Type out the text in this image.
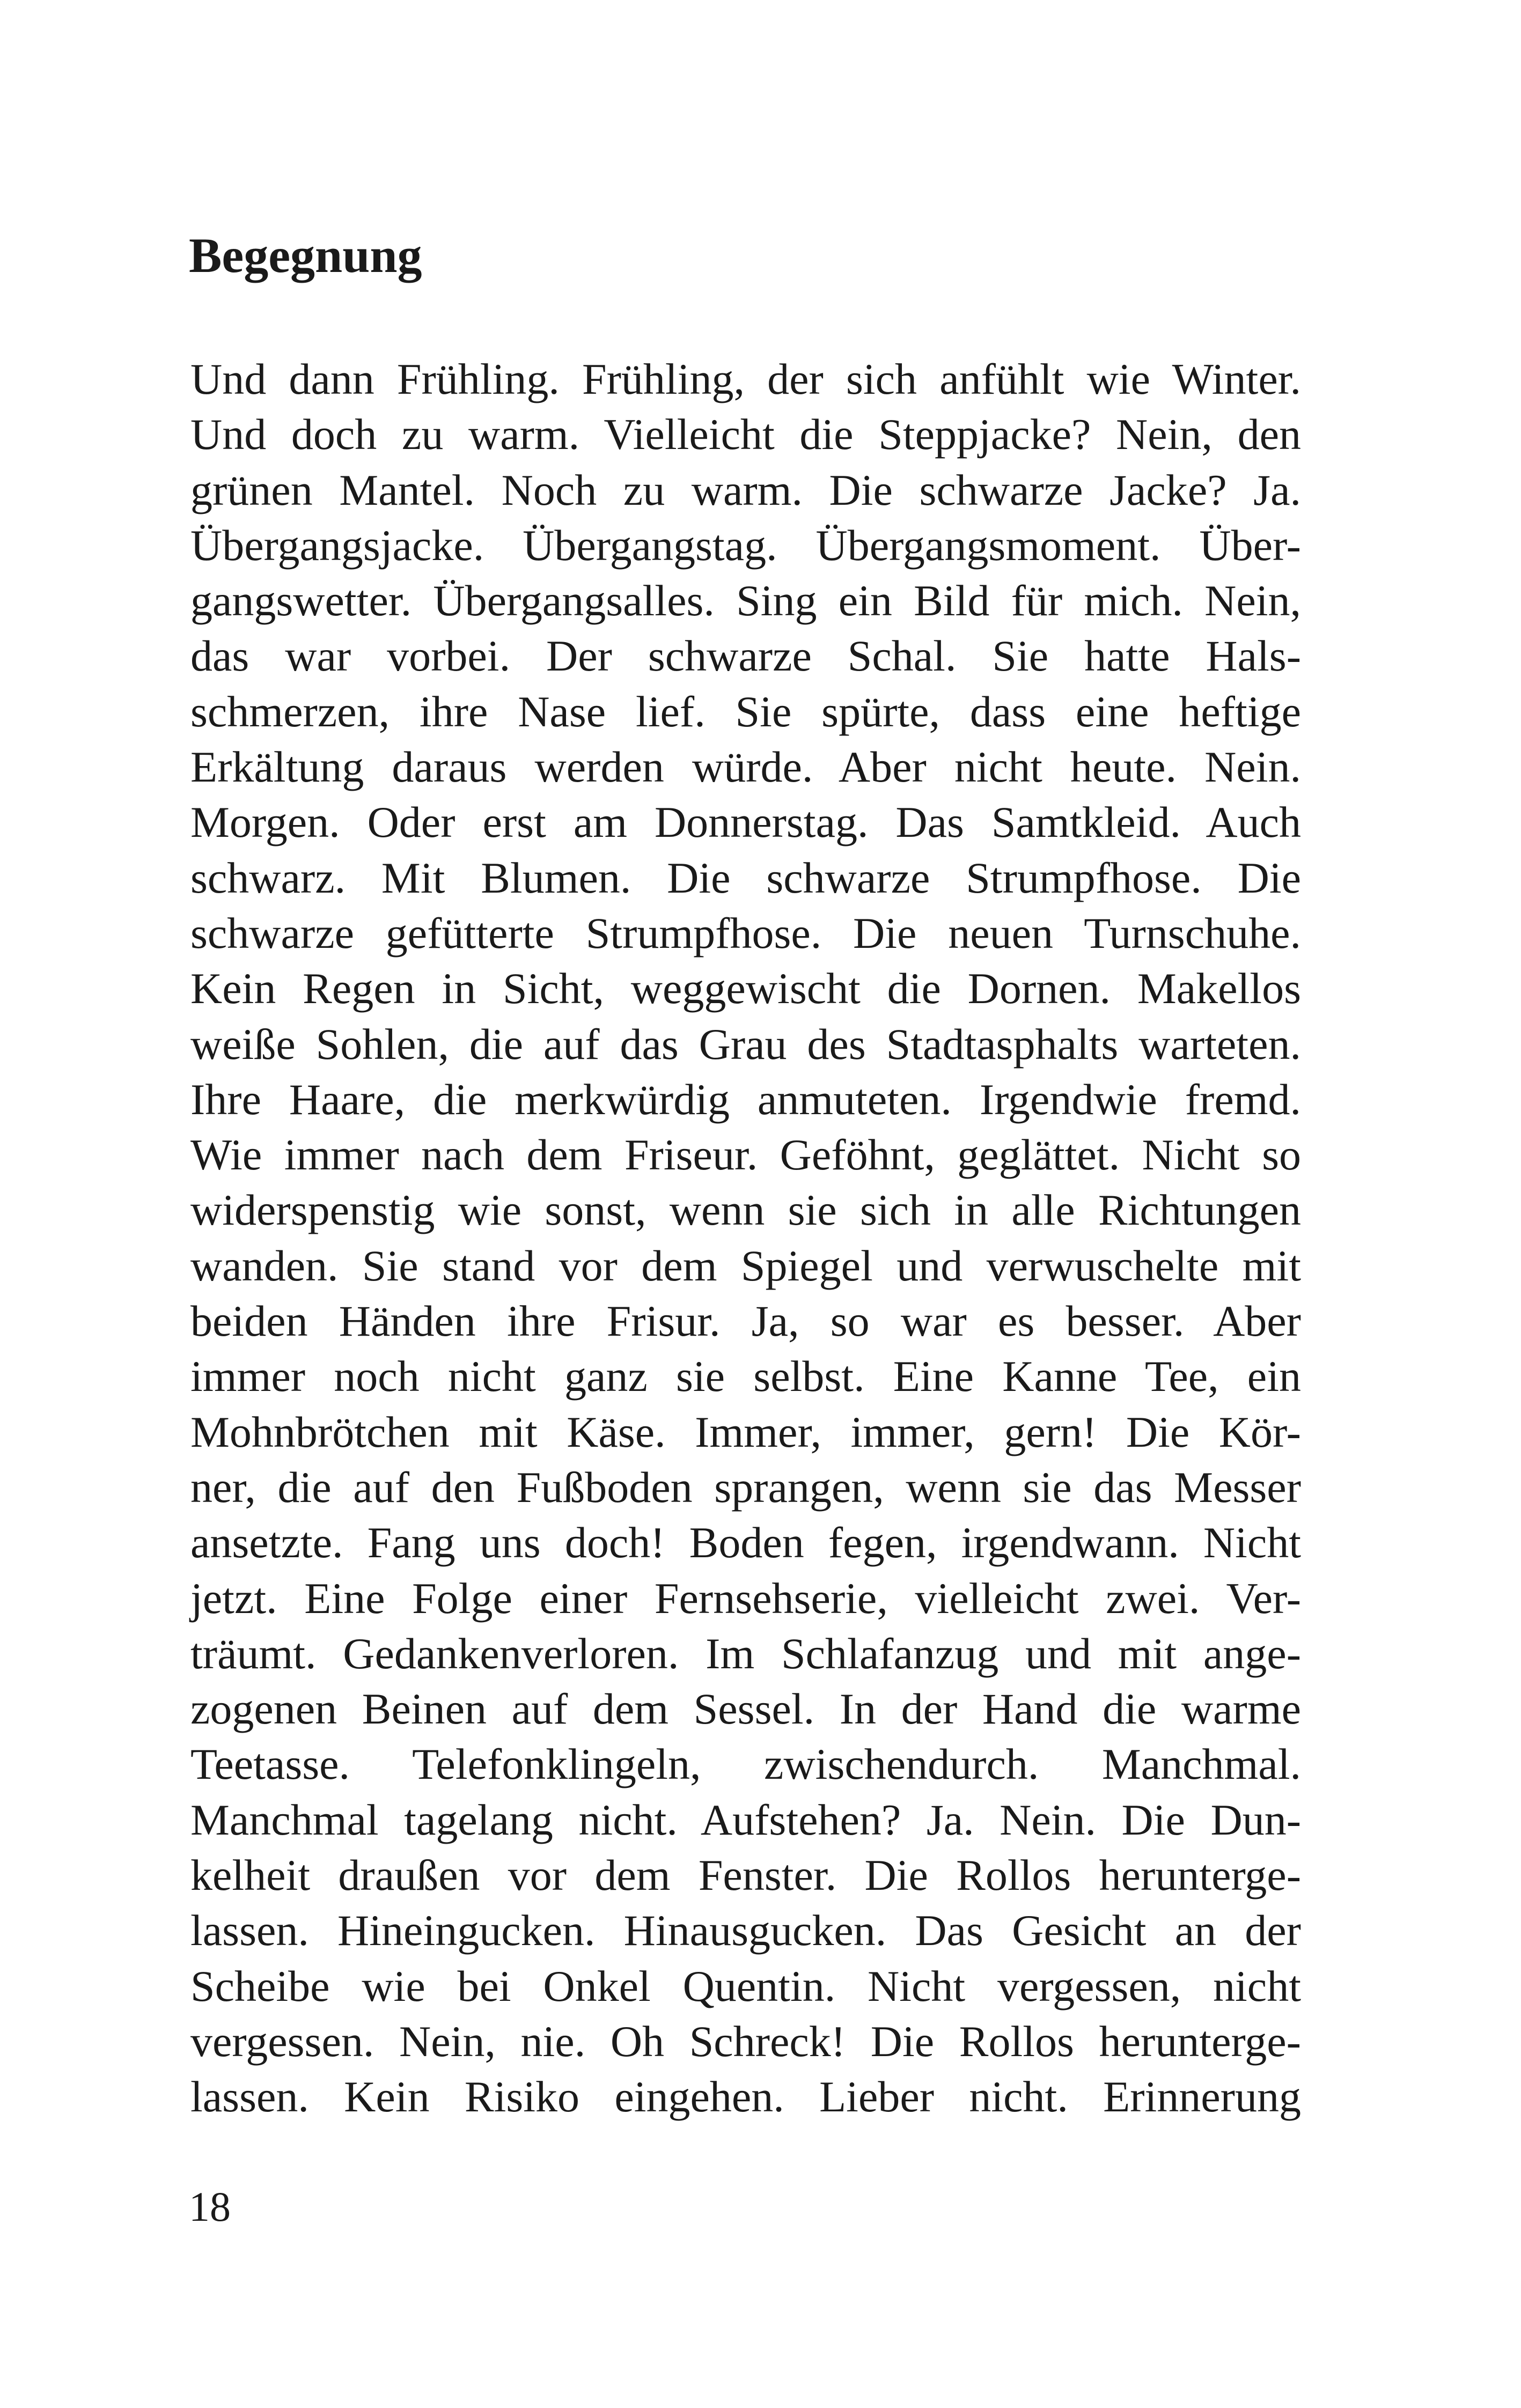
Begegnung
Und dann Frühling. Frühling, der sich anfühlt wie Winter.
Und doch zu warm. Vielleicht die Steppjacke? Nein, den
grünen Mantel. Noch zu warm. Die schwarze Jacke? Ja.
Übergangsjacke. Übergangstag. Übergangsmoment. Über-
gangswetter. Übergangsalles. Sing ein Bild für mich. Nein,
das war vorbei. Der schwarze Schal. Sie hatte Hals-
schmerzen, ihre Nase lief. Sie spürte, dass eine heftige
Erkältung daraus werden würde. Aber nicht heute. Nein.
Morgen. Oder erst am Donnerstag. Das Samtkleid. Auch
schwarz. Mit Blumen. Die schwarze Strumpfhose. Die
schwarze gefütterte Strumpfhose. Die neuen Turnschuhe.
Kein Regen in Sicht, weggewischt die Dornen. Makellos
weiße Sohlen, die auf das Grau des Stadtasphalts warteten.
Ihre Haare, die merkwürdig anmuteten. Irgendwie fremd.
Wie immer nach dem Friseur. Geföhnt, geglättet. Nicht so
widerspenstig wie sonst, wenn sie sich in alle Richtungen
wanden. Sie stand vor dem Spiegel und verwuschelte mit
beiden Händen ihre Frisur. Ja, so war es besser. Aber
immer noch nicht ganz sie selbst. Eine Kanne Tee, ein
Mohnbrötchen mit Käse. Immer, immer, gern! Die Kör-
ner, die auf den Fußboden sprangen, wenn sie das Messer
ansetzte. Fang uns doch! Boden fegen, irgendwann. Nicht
jetzt. Eine Folge einer Fernsehserie, vielleicht zwei. Ver-
träumt. Gedankenverloren. Im Schlafanzug und mit ange-
zogenen Beinen auf dem Sessel. In der Hand die warme
Teetasse. Telefonklingeln, zwischendurch. Manchmal.
Manchmal tagelang nicht. Aufstehen? Ja. Nein. Die Dun-
kelheit draußen vor dem Fenster. Die Rollos herunterge-
lassen. Hineingucken. Hinausgucken. Das Gesicht an der
Scheibe wie bei Onkel Quentin. Nicht vergessen, nicht
vergessen. Nein, nie. Oh Schreck! Die Rollos herunterge-
lassen. Kein Risiko eingehen. Lieber nicht. Erinnerung
18
